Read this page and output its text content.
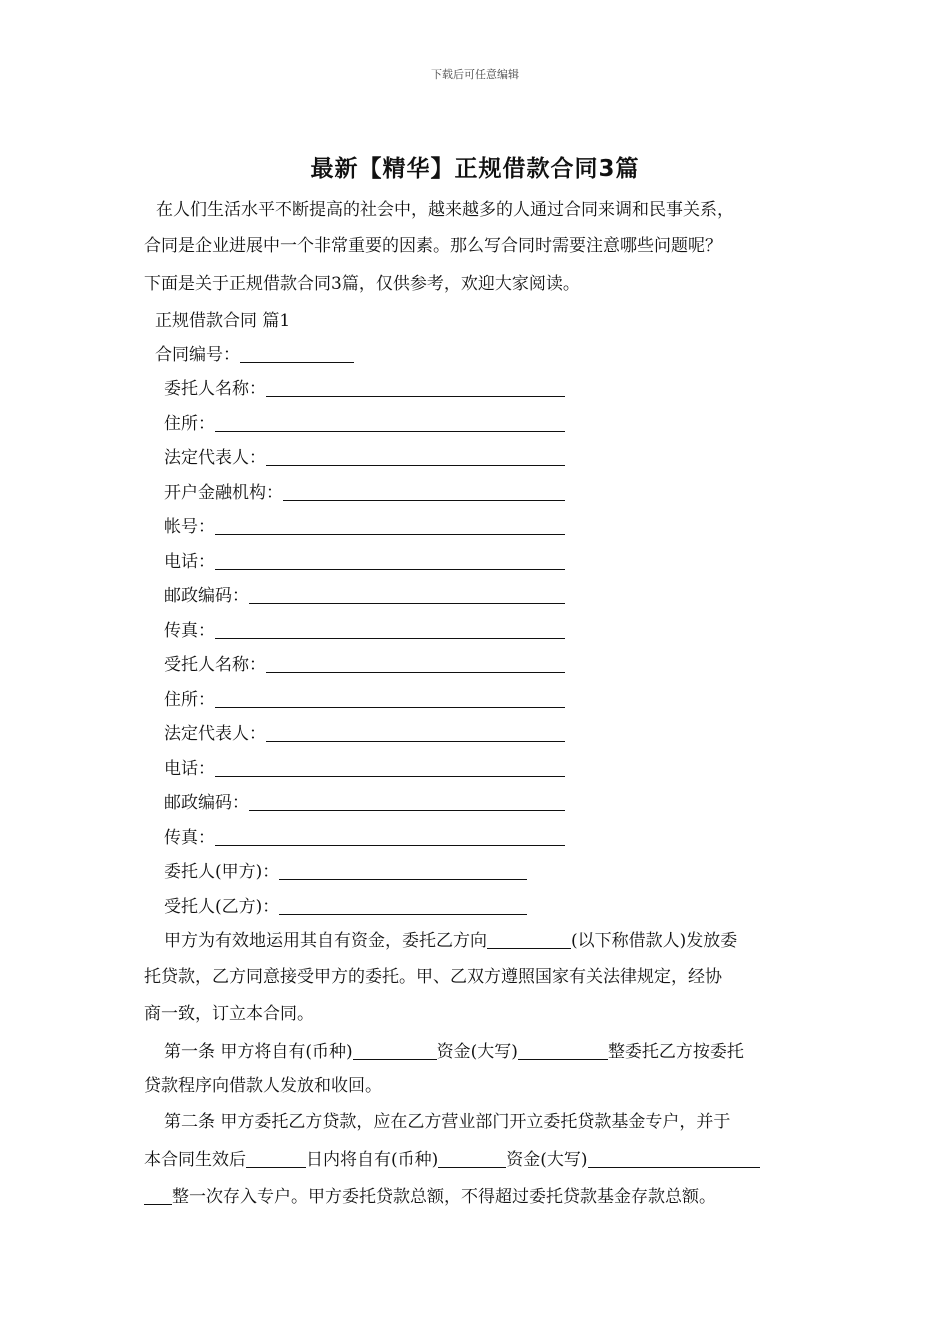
下载后可任意编辑
最新【精华】正规借款合同3篇
在人们生活水平不断提高的社会中，越来越多的人通过合同来调和民事关系，
合同是企业进展中一个非常重要的因素。那么写合同时需要注意哪些问题呢？
下面是关于正规借款合同3篇，仅供参考，欢迎大家阅读。
正规借款合同 篇1
合同编号：
委托人名称：
住所：
法定代表人：
开户金融机构：
帐号：
电话：
邮政编码：
传真：
受托人名称：
住所：
法定代表人：
电话：
邮政编码：
传真：
委托人(甲方)：
受托人(乙方)：
甲方为有效地运用其自有资金，委托乙方向	(以下称借款人)发放委
托贷款，乙方同意接受甲方的委托。甲、乙双方遵照国家有关法律规定，经协
商一致，订立本合同。
第一条 甲方将自有(币种)	资金(大写)	整委托乙方按委托
贷款程序向借款人发放和收回。
第二条 甲方委托乙方贷款，应在乙方营业部门开立委托贷款基金专户，并于
本合同生效后	日内将自有(币种)	资金(大写)
整一次存入专户。甲方委托贷款总额，不得超过委托贷款基金存款总额。
